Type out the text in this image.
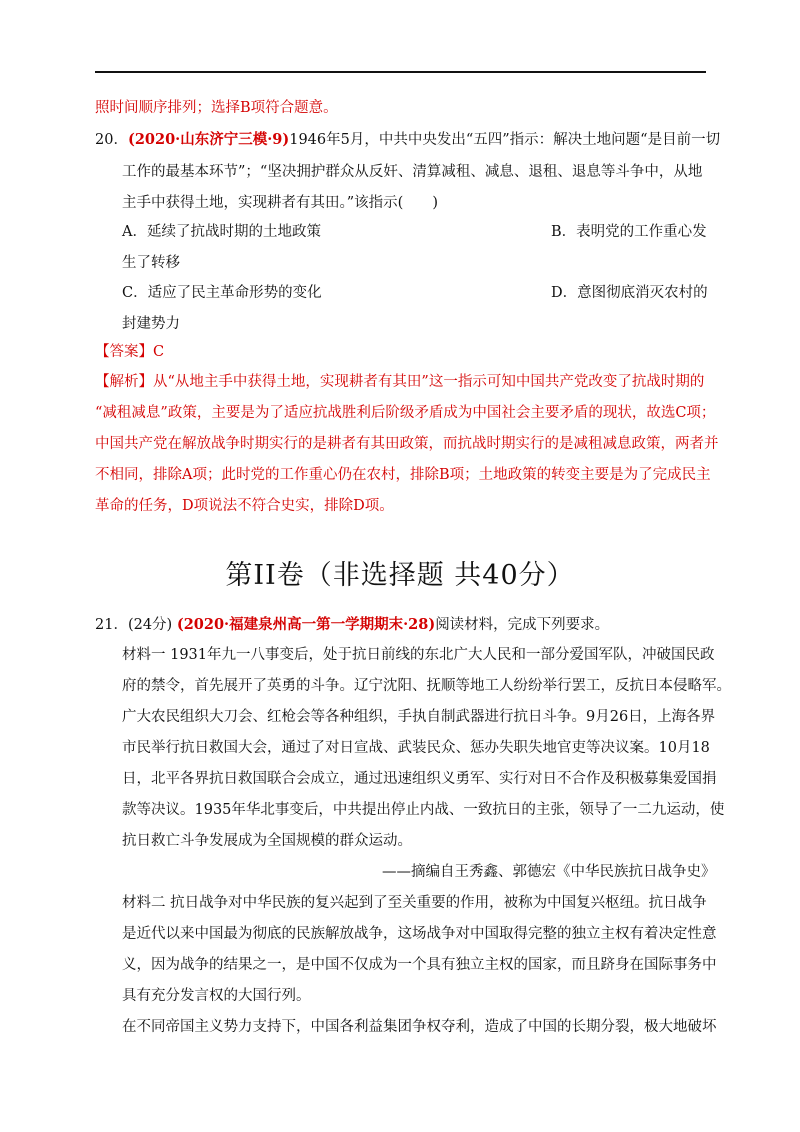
照时间顺序排列；选择B项符合题意。
20．(2020·山东济宁三模·9)1946年5月，中共中央发出“五四”指示：解决土地问题“是目前一切
工作的最基本环节”；“坚决拥护群众从反奸、清算减租、减息、退租、退息等斗争中，从地
主手中获得土地，实现耕者有其田。”该指示(　　)
A．延续了抗战时期的土地政策	B．表明党的工作重心发
生了转移
C．适应了民主革命形势的变化	D．意图彻底消灭农村的
封建势力
【答案】C
【解析】从“从地主手中获得土地，实现耕者有其田”这一指示可知中国共产党改变了抗战时期的
“减租减息”政策，主要是为了适应抗战胜利后阶级矛盾成为中国社会主要矛盾的现状，故选C项；
中国共产党在解放战争时期实行的是耕者有其田政策，而抗战时期实行的是减租减息政策，两者并
不相同，排除A项；此时党的工作重心仍在农村，排除B项；土地政策的转变主要是为了完成民主
革命的任务，D项说法不符合史实，排除D项。
第II卷（非选择题 共40分）
21．(24分) (2020·福建泉州高一第一学期期末·28)阅读材料，完成下列要求。
材料一 1931年九一八事变后，处于抗日前线的东北广大人民和一部分爱国军队，冲破国民政
府的禁令，首先展开了英勇的斗争。辽宁沈阳、抚顺等地工人纷纷举行罢工，反抗日本侵略军。
广大农民组织大刀会、红枪会等各种组织，手执自制武器进行抗日斗争。9月26日，上海各界
市民举行抗日救国大会，通过了对日宣战、武装民众、惩办失职失地官吏等决议案。10月18
日，北平各界抗日救国联合会成立，通过迅速组织义勇军、实行对日不合作及积极募集爱国捐
款等决议。1935年华北事变后，中共提出停止内战、一致抗日的主张，领导了一二九运动，使
抗日救亡斗争发展成为全国规模的群众运动。
——摘编自王秀鑫、郭德宏《中华民族抗日战争史》
材料二 抗日战争对中华民族的复兴起到了至关重要的作用，被称为中国复兴枢纽。抗日战争
是近代以来中国最为彻底的民族解放战争，这场战争对中国取得完整的独立主权有着决定性意
义，因为战争的结果之一，是中国不仅成为一个具有独立主权的国家，而且跻身在国际事务中
具有充分发言权的大国行列。
在不同帝国主义势力支持下，中国各利益集团争权夺利，造成了中国的长期分裂，极大地破坏
